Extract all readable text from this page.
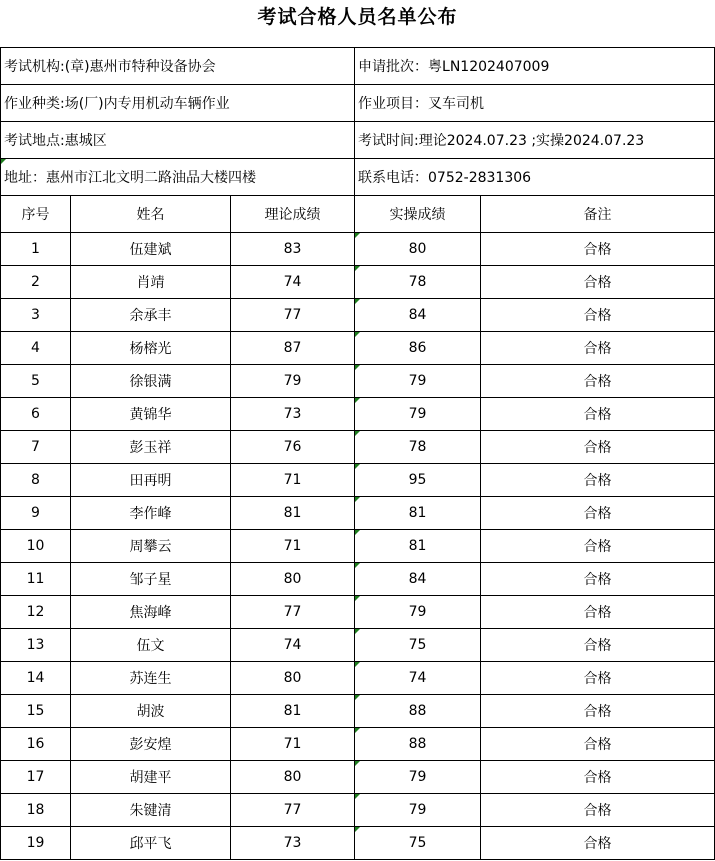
考试合格人员名单公布
考试机构:(章)惠州市特种设备协会			申请批次：粤LN1202407009	
作业种类:场(厂)内专用机动车辆作业			作业项目：叉车司机	
考试地点:惠城区			考试时间:理论2024.07.23 ;实操2024.07.23	
地址：惠州市江北文明二路油品大楼四楼			联系电话：0752-2831306	
序号	姓名	理论成绩	实操成绩	备注
1	伍建斌	83	80	合格
2	肖靖	74	78	合格
3	余承丰	77	84	合格
4	杨榕光	87	86	合格
5	徐银满	79	79	合格
6	黄锦华	73	79	合格
7	彭玉祥	76	78	合格
8	田再明	71	95	合格
9	李作峰	81	81	合格
10	周攀云	71	81	合格
11	邹子星	80	84	合格
12	焦海峰	77	79	合格
13	伍文	74	75	合格
14	苏连生	80	74	合格
15	胡波	81	88	合格
16	彭安煌	71	88	合格
17	胡建平	80	79	合格
18	朱键清	77	79	合格
19	邱平飞	73	75	合格
